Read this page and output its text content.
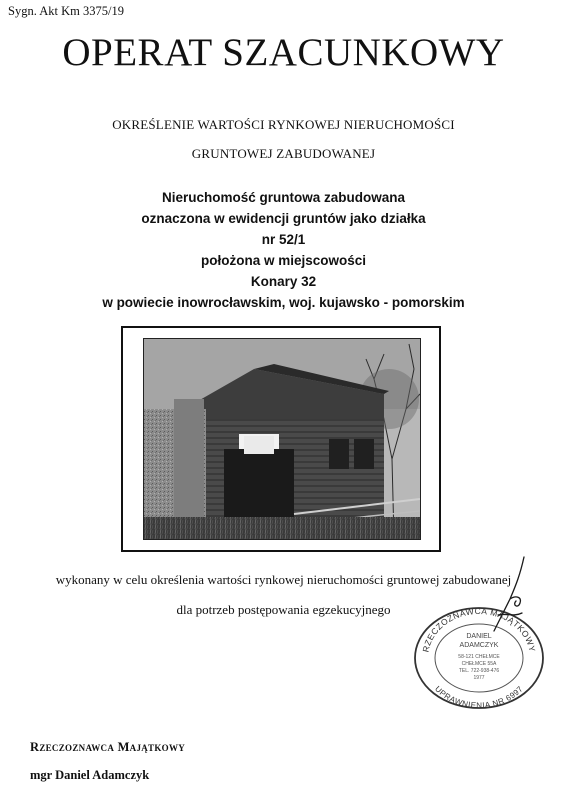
Sygn. Akt Km 3375/19
OPERAT SZACUNKOWY
OKREŚLENIE WARTOŚCI RYNKOWEJ NIERUCHOMOŚCI
GRUNTOWEJ ZABUDOWANEJ
Nieruchomość gruntowa zabudowana
oznaczona w ewidencji gruntów jako działka
nr 52/1
położona w miejscowości
Konary 32
w powiecie inowrocławskim, woj. kujawsko - pomorskim
wykonany w celu określenia wartości rynkowej nieruchomości gruntowej zabudowanej
dla potrzeb postępowania egzekucyjnego
RZECZOZNAWCA MAJĄTKOWY
UPRAWNIENIA NR 6997
DANIEL
ADAMCZYK
58-121 CHEŁMCE
CHEŁMCE 55A
TEL. 722-938-476
1977
Rzeczoznawca Majątkowy
mgr Daniel Adamczyk
